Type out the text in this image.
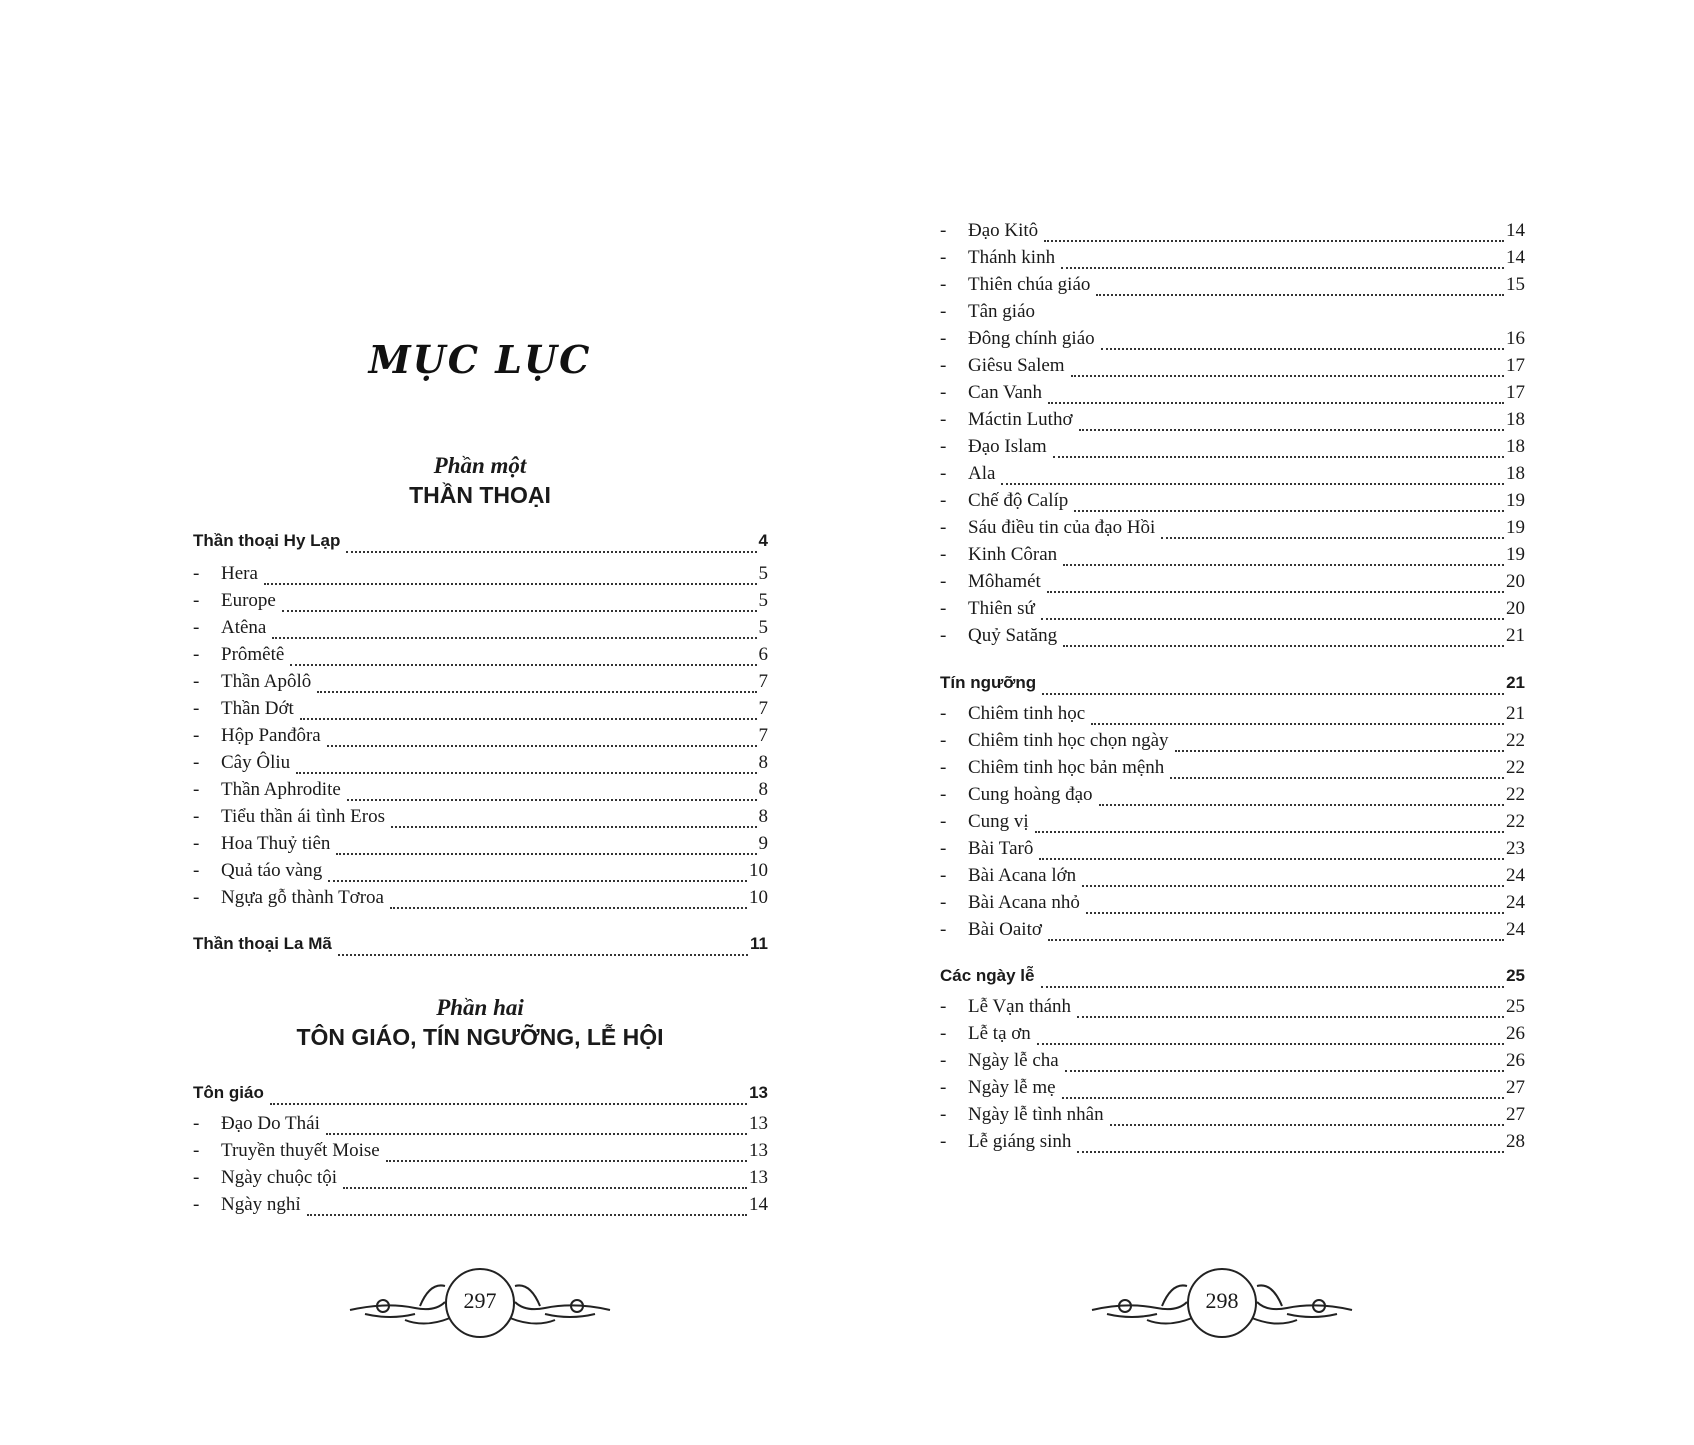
MỤC LỤC
Phần một
THẦN THOẠI
Phần hai
TÔN GIÁO, TÍN NGƯỠNG, LỄ HỘI
Thần thoại Hy Lạp	4
-	Hera	5
-	Europe	5
-	Atêna	5
-	Prômêtê	6
-	Thần Apôlô	7
-	Thần Dớt	7
-	Hộp Panđôra	7
-	Cây Ôliu	8
-	Thần Aphrodite	8
-	Tiểu thần ái tình Eros	8
-	Hoa Thuỷ tiên	9
-	Quả táo vàng	10
-	Ngựa gỗ thành Tơroa	10
Thần thoại La Mã	11
Tôn giáo	13
-	Đạo Do Thái	13
-	Truyền thuyết Moise	13
-	Ngày chuộc tội	13
-	Ngày nghỉ	14
297
-	Đạo Kitô	14
-	Thánh kinh	14
-	Thiên chúa giáo	15
-	Tân giáo
-	Đông chính giáo	16
-	Giêsu Salem	17
-	Can Vanh	17
-	Máctin Luthơ	18
-	Đạo Islam	18
-	Ala	18
-	Chế độ Calíp	19
-	Sáu điều tin của đạo Hồi	19
-	Kinh Côran	19
-	Môhamét	20
-	Thiên sứ	20
-	Quỷ Satăng	21
Tín ngưỡng	21
-	Chiêm tinh học	21
-	Chiêm tinh học chọn ngày	22
-	Chiêm tinh học bản mệnh	22
-	Cung hoàng đạo	22
-	Cung vị	22
-	Bài Tarô	23
-	Bài Acana lớn	24
-	Bài Acana nhỏ	24
-	Bài Oaitơ	24
Các ngày lễ	25
-	Lễ Vạn thánh	25
-	Lễ tạ ơn	26
-	Ngày lễ cha	26
-	Ngày lễ mẹ	27
-	Ngày lễ tình nhân	27
-	Lễ giáng sinh	28
298
